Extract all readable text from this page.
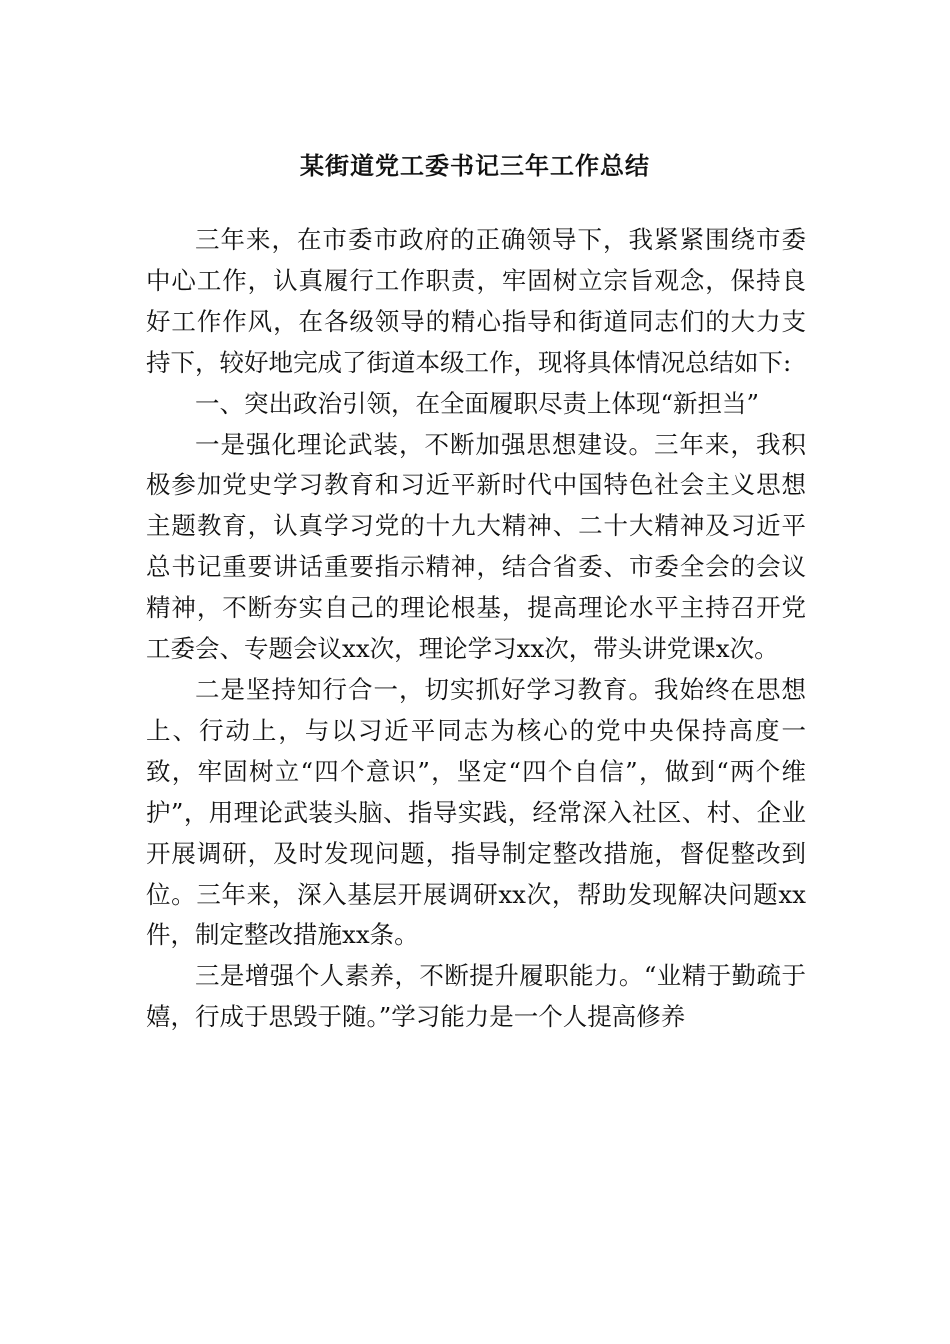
某街道党工委书记三年工作总结

三年来，在市委市政府的正确领导下，我紧紧围绕市委中心工作，认真履行工作职责，牢固树立宗旨观念，保持良好工作作风，在各级领导的精心指导和街道同志们的大力支持下，较好地完成了街道本级工作，现将具体情况总结如下:

一、突出政治引领，在全面履职尽责上体现“新担当”

一是强化理论武装，不断加强思想建设。三年来，我积极参加党史学习教育和习近平新时代中国特色社会主义思想主题教育，认真学习党的十九大精神、二十大精神及习近平总书记重要讲话重要指示精神，结合省委、市委全会的会议精神，不断夯实自己的理论根基，提高理论水平主持召开党工委会、专题会议xx次，理论学习xx次，带头讲党课x次。

二是坚持知行合一，切实抓好学习教育。我始终在思想上、行动上，与以习近平同志为核心的党中央保持高度一致，牢固树立“四个意识”，坚定“四个自信”，做到“两个维护”，用理论武装头脑、指导实践，经常深入社区、村、企业开展调研，及时发现问题，指导制定整改措施，督促整改到位。三年来，深入基层开展调研xx次，帮助发现解决问题xx件，制定整改措施xx条。

三是增强个人素养，不断提升履职能力。“业精于勤疏于嬉，行成于思毁于随。”学习能力是一个人提高修养
